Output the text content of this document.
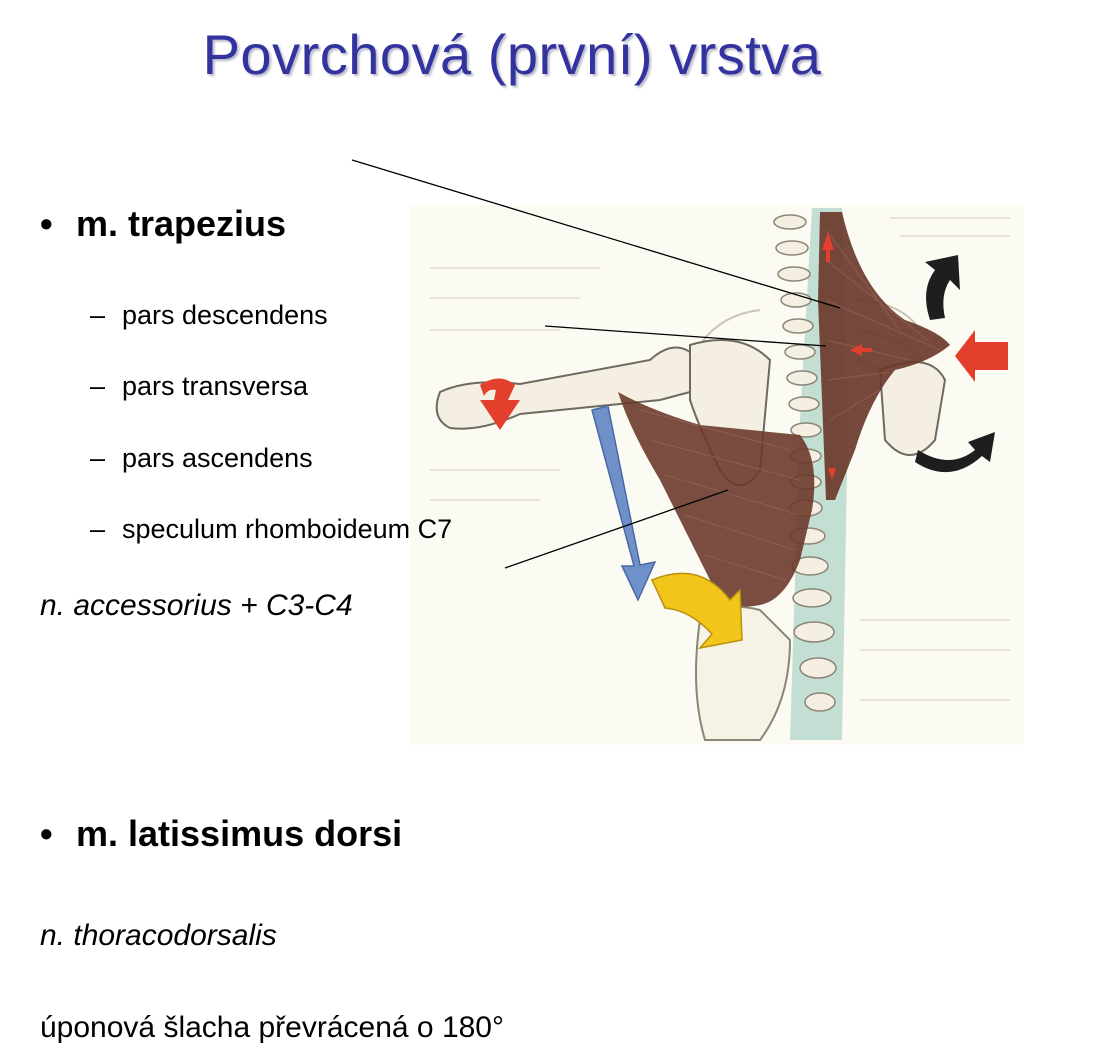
Povrchová (první) vrstva
• m. trapezius
– pars descendens
– pars transversa
– pars ascendens
– speculum rhomboideum C7
n. accessorius + C3-C4
• m. latissimus dorsi
n. thoracodorsalis
úponová šlacha převrácená o 180°
